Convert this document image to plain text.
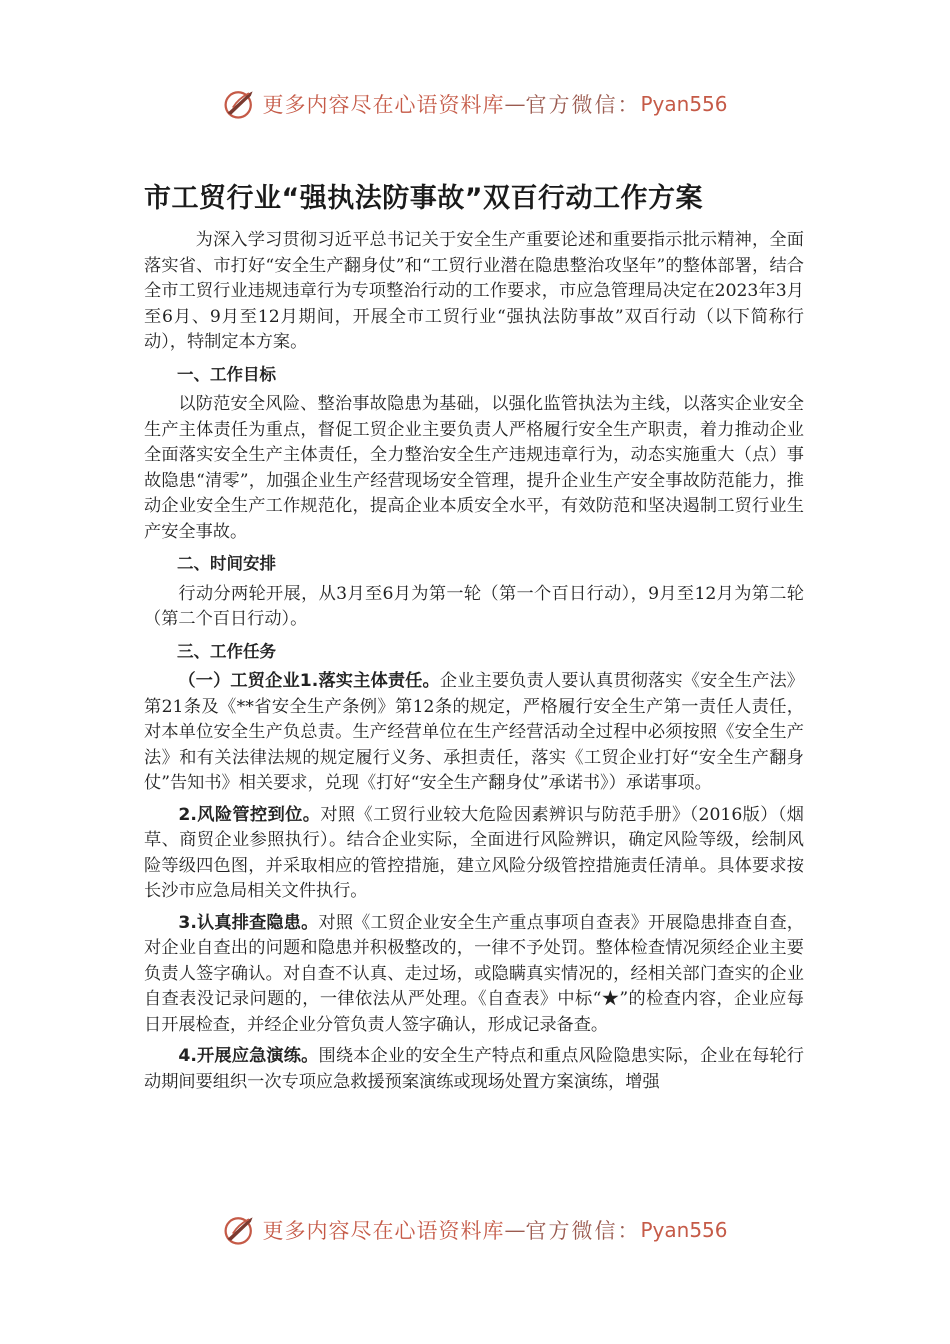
更多内容尽在心语资料库 — 官方微信： Pyan556
市工贸行业“强执法防事故”双百行动工作方案

为深入学习贯彻习近平总书记关于安全生产重要论述和重要指示批示精神，全面落实省、市打好“安全生产翻身仗”和“工贸行业潜在隐患整治攻坚年”的整体部署，结合全市工贸行业违规违章行为专项整治行动的工作要求，市应急管理局决定在2023年3月至6月、9月至12月期间，开展全市工贸行业“强执法防事故”双百行动（以下简称行动），特制定本方案。

一、工作目标

以防范安全风险、整治事故隐患为基础，以强化监管执法为主线，以落实企业安全生产主体责任为重点，督促工贸企业主要负责人严格履行安全生产职责，着力推动企业全面落实安全生产主体责任，全力整治安全生产违规违章行为，动态实施重大（点）事故隐患“清零”，加强企业生产经营现场安全管理，提升企业生产安全事故防范能力，推动企业安全生产工作规范化，提高企业本质安全水平，有效防范和坚决遏制工贸行业生产安全事故。

二、时间安排

行动分两轮开展，从3月至6月为第一轮（第一个百日行动），9月至12月为第二轮（第二个百日行动）。

三、工作任务

（一）工贸企业1.落实主体责任。企业主要负责人要认真贯彻落实《安全生产法》第21条及《**省安全生产条例》第12条的规定，严格履行安全生产第一责任人责任，对本单位安全生产负总责。生产经营单位在生产经营活动全过程中必须按照《安全生产法》和有关法律法规的规定履行义务、承担责任，落实《工贸企业打好“安全生产翻身仗”告知书》相关要求，兑现《打好“安全生产翻身仗”承诺书》）承诺事项。

2.风险管控到位。对照《工贸行业较大危险因素辨识与防范手册》（2016版）（烟草、商贸企业参照执行）。结合企业实际，全面进行风险辨识，确定风险等级，绘制风险等级四色图，并采取相应的管控措施，建立风险分级管控措施责任清单。具体要求按长沙市应急局相关文件执行。

3.认真排查隐患。对照《工贸企业安全生产重点事项自查表》开展隐患排查自查，对企业自查出的问题和隐患并积极整改的，一律不予处罚。整体检查情况须经企业主要负责人签字确认。对自查不认真、走过场，或隐瞒真实情况的，经相关部门查实的企业自查表没记录问题的，一律依法从严处理。《自查表》中标“★”的检查内容，企业应每日开展检查，并经企业分管负责人签字确认，形成记录备查。

4.开展应急演练。围绕本企业的安全生产特点和重点风险隐患实际，企业在每轮行动期间要组织一次专项应急救援预案演练或现场处置方案演练，增强

更多内容尽在心语资料库 — 官方微信： Pyan556
